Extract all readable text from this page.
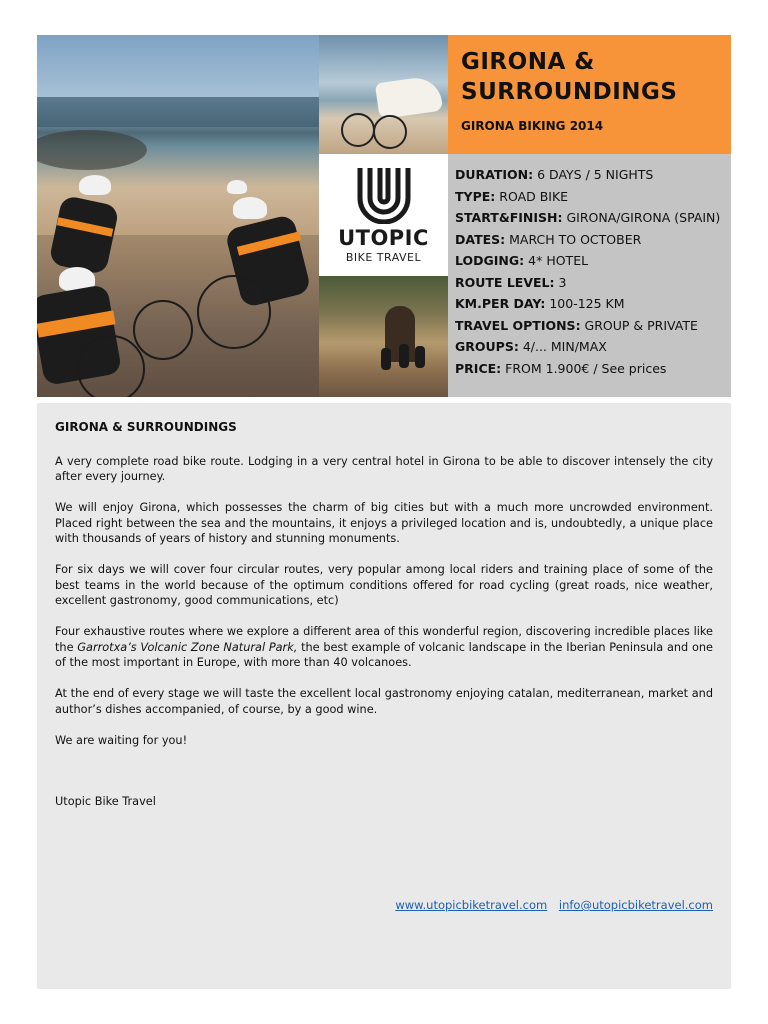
UTOPIC
BIKE TRAVEL
GIRONA & SURROUNDINGS
GIRONA BIKING 2014
DURATION: 6 DAYS / 5 NIGHTS
TYPE: ROAD BIKE
START&FINISH: GIRONA/GIRONA (SPAIN)
DATES: MARCH TO OCTOBER
LODGING: 4* HOTEL
ROUTE LEVEL: 3
KM.PER DAY: 100-125 KM
TRAVEL OPTIONS: GROUP & PRIVATE
GROUPS: 4/... MIN/MAX
PRICE: FROM 1.900€ / See prices
GIRONA & SURROUNDINGS

A very complete road bike route. Lodging in a very central hotel in Girona to be able to discover intensely the city after every journey.

We will enjoy Girona, which possesses the charm of big cities but with a much more uncrowded environment. Placed right between the sea and the mountains, it enjoys a privileged location and is, undoubtedly, a unique place with thousands of years of history and stunning monuments.

For six days we will cover four circular routes, very popular among local riders and training place of some of the best teams in the world because of the optimum conditions offered for road cycling (great roads, nice weather, excellent gastronomy, good communications, etc)

Four exhaustive routes where we explore a different area of this wonderful region, discovering incredible places like the Garrotxa’s Volcanic Zone Natural Park, the best example of volcanic landscape in the Iberian Peninsula and one of the most important in Europe, with more than 40 volcanoes.

At the end of every stage we will taste the excellent local gastronomy enjoying catalan, mediterranean, market and author’s dishes accompanied, of course, by a good wine.

We are waiting for you!

Utopic Bike Travel

www.utopicbiketravel.com info@utopicbiketravel.com
